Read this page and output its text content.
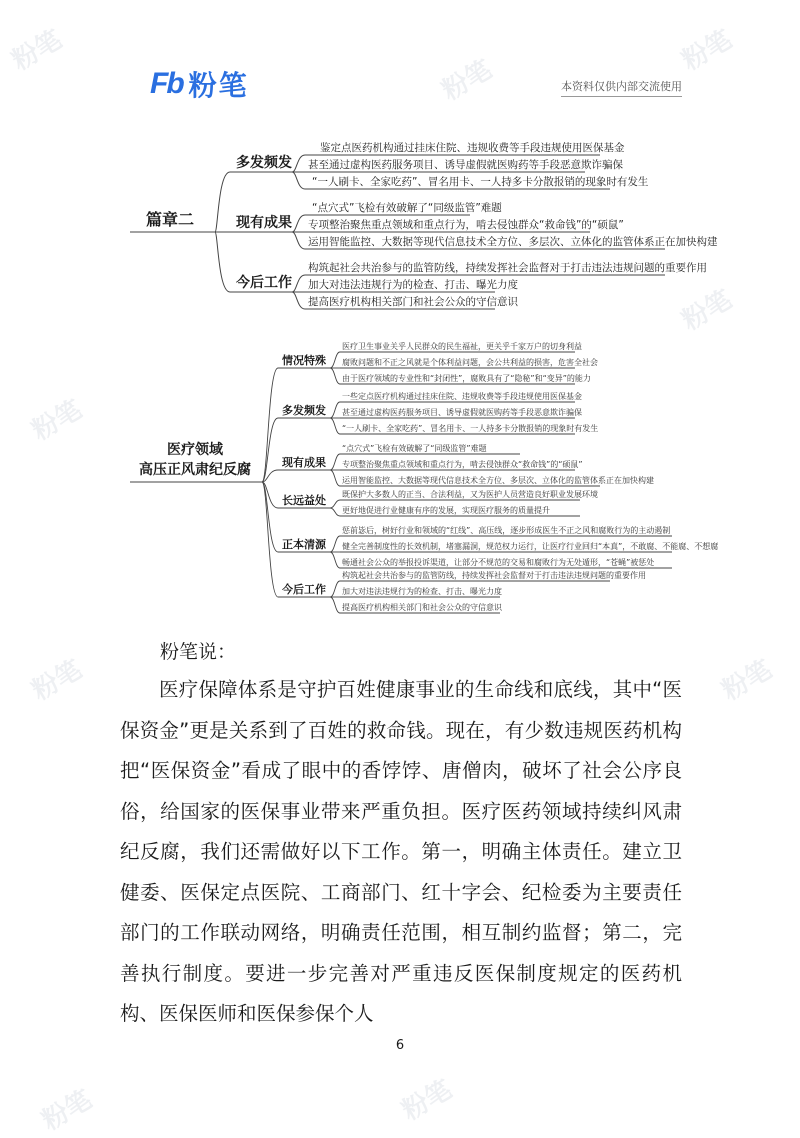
粉笔
粉笔
粉笔
粉笔
粉笔
粉笔	粉笔
粉笔
粉笔
Fb 粉笔	本资料仅供内部交流使用
篇章二
多发频发
现有成果
今后工作
鉴定点医药机构通过挂床住院、违规收费等手段违规使用医保基金
甚至通过虚构医药服务项目、诱导虚假就医购药等手段恶意欺诈骗保
“一人刷卡、全家吃药”、冒名用卡、一人持多卡分散报销的现象时有发生
“点穴式”飞检有效破解了“同级监管”难题
专项整治聚焦重点领域和重点行为，啃去侵蚀群众“救命钱”的“硕鼠”
运用智能监控、大数据等现代信息技术全方位、多层次、立体化的监管体系正在加快构建
构筑起社会共治参与的监管防线，持续发挥社会监督对于打击违法违规问题的重要作用
加大对违法违规行为的检查、打击、曝光力度
提高医疗机构相关部门和社会公众的守信意识
医疗领域
高压正风肃纪反腐
情况特殊
多发频发
现有成果
长远益处
正本清源
今后工作
医疗卫生事业关乎人民群众的民生福祉，更关乎千家万户的切身利益
腐败问题和不正之风就是个体利益问题，会公共利益的损害，危害全社会
由于医疗领域的专业性和“封闭性”，腐败具有了“隐秘”和“变异”的能力
一些定点医疗机构通过挂床住院、违规收费等手段违规使用医保基金
甚至通过虚构医药服务项目、诱导虚假就医购药等手段恶意欺诈骗保
“一人刷卡、全家吃药”、冒名用卡、一人持多卡分散报销的现象时有发生
“点穴式”飞检有效破解了“同级监管”难题
专项整治聚焦重点领域和重点行为，啃去侵蚀群众“救命钱”的“硕鼠”
运用智能监控、大数据等现代信息技术全方位、多层次、立体化的监管体系正在加快构建
既保护大多数人的正当、合法利益，又为医护人员营造良好职业发展环境
更好地促进行业健康有序的发展，实现医疗服务的质量提升
惩前毖后，树好行业和领域的“红线”、高压线，逐步形成医生不正之风和腐败行为的主动遏制
健全完善制度性的长效机制，堵塞漏洞，规范权力运行，让医疗行业回归“本真”，不敢腐、不能腐、不想腐
畅通社会公众的举报投诉渠道，让部分不规范的交易和腐败行为无处遁形，“苍蝇”被惩处
构筑起社会共治参与的监管防线，持续发挥社会监督对于打击违法违规问题的重要作用
加大对违法违规行为的检查、打击、曝光力度
提高医疗机构相关部门和社会公众的守信意识
粉笔说：
医疗保障体系是守护百姓健康事业的生命线和底线，其中“医保资金”更是关系到了百姓的救命钱。现在，有少数违规医药机构把“医保资金”看成了眼中的香饽饽、唐僧肉，破坏了社会公序良俗，给国家的医保事业带来严重负担。医疗医药领域持续纠风肃纪反腐，我们还需做好以下工作。第一，明确主体责任。建立卫健委、医保定点医院、工商部门、红十字会、纪检委为主要责任部门的工作联动网络，明确责任范围，相互制约监督；第二，完善执行制度。要进一步完善对严重违反医保制度规定的医药机构、医保医师和医保参保个人
6
